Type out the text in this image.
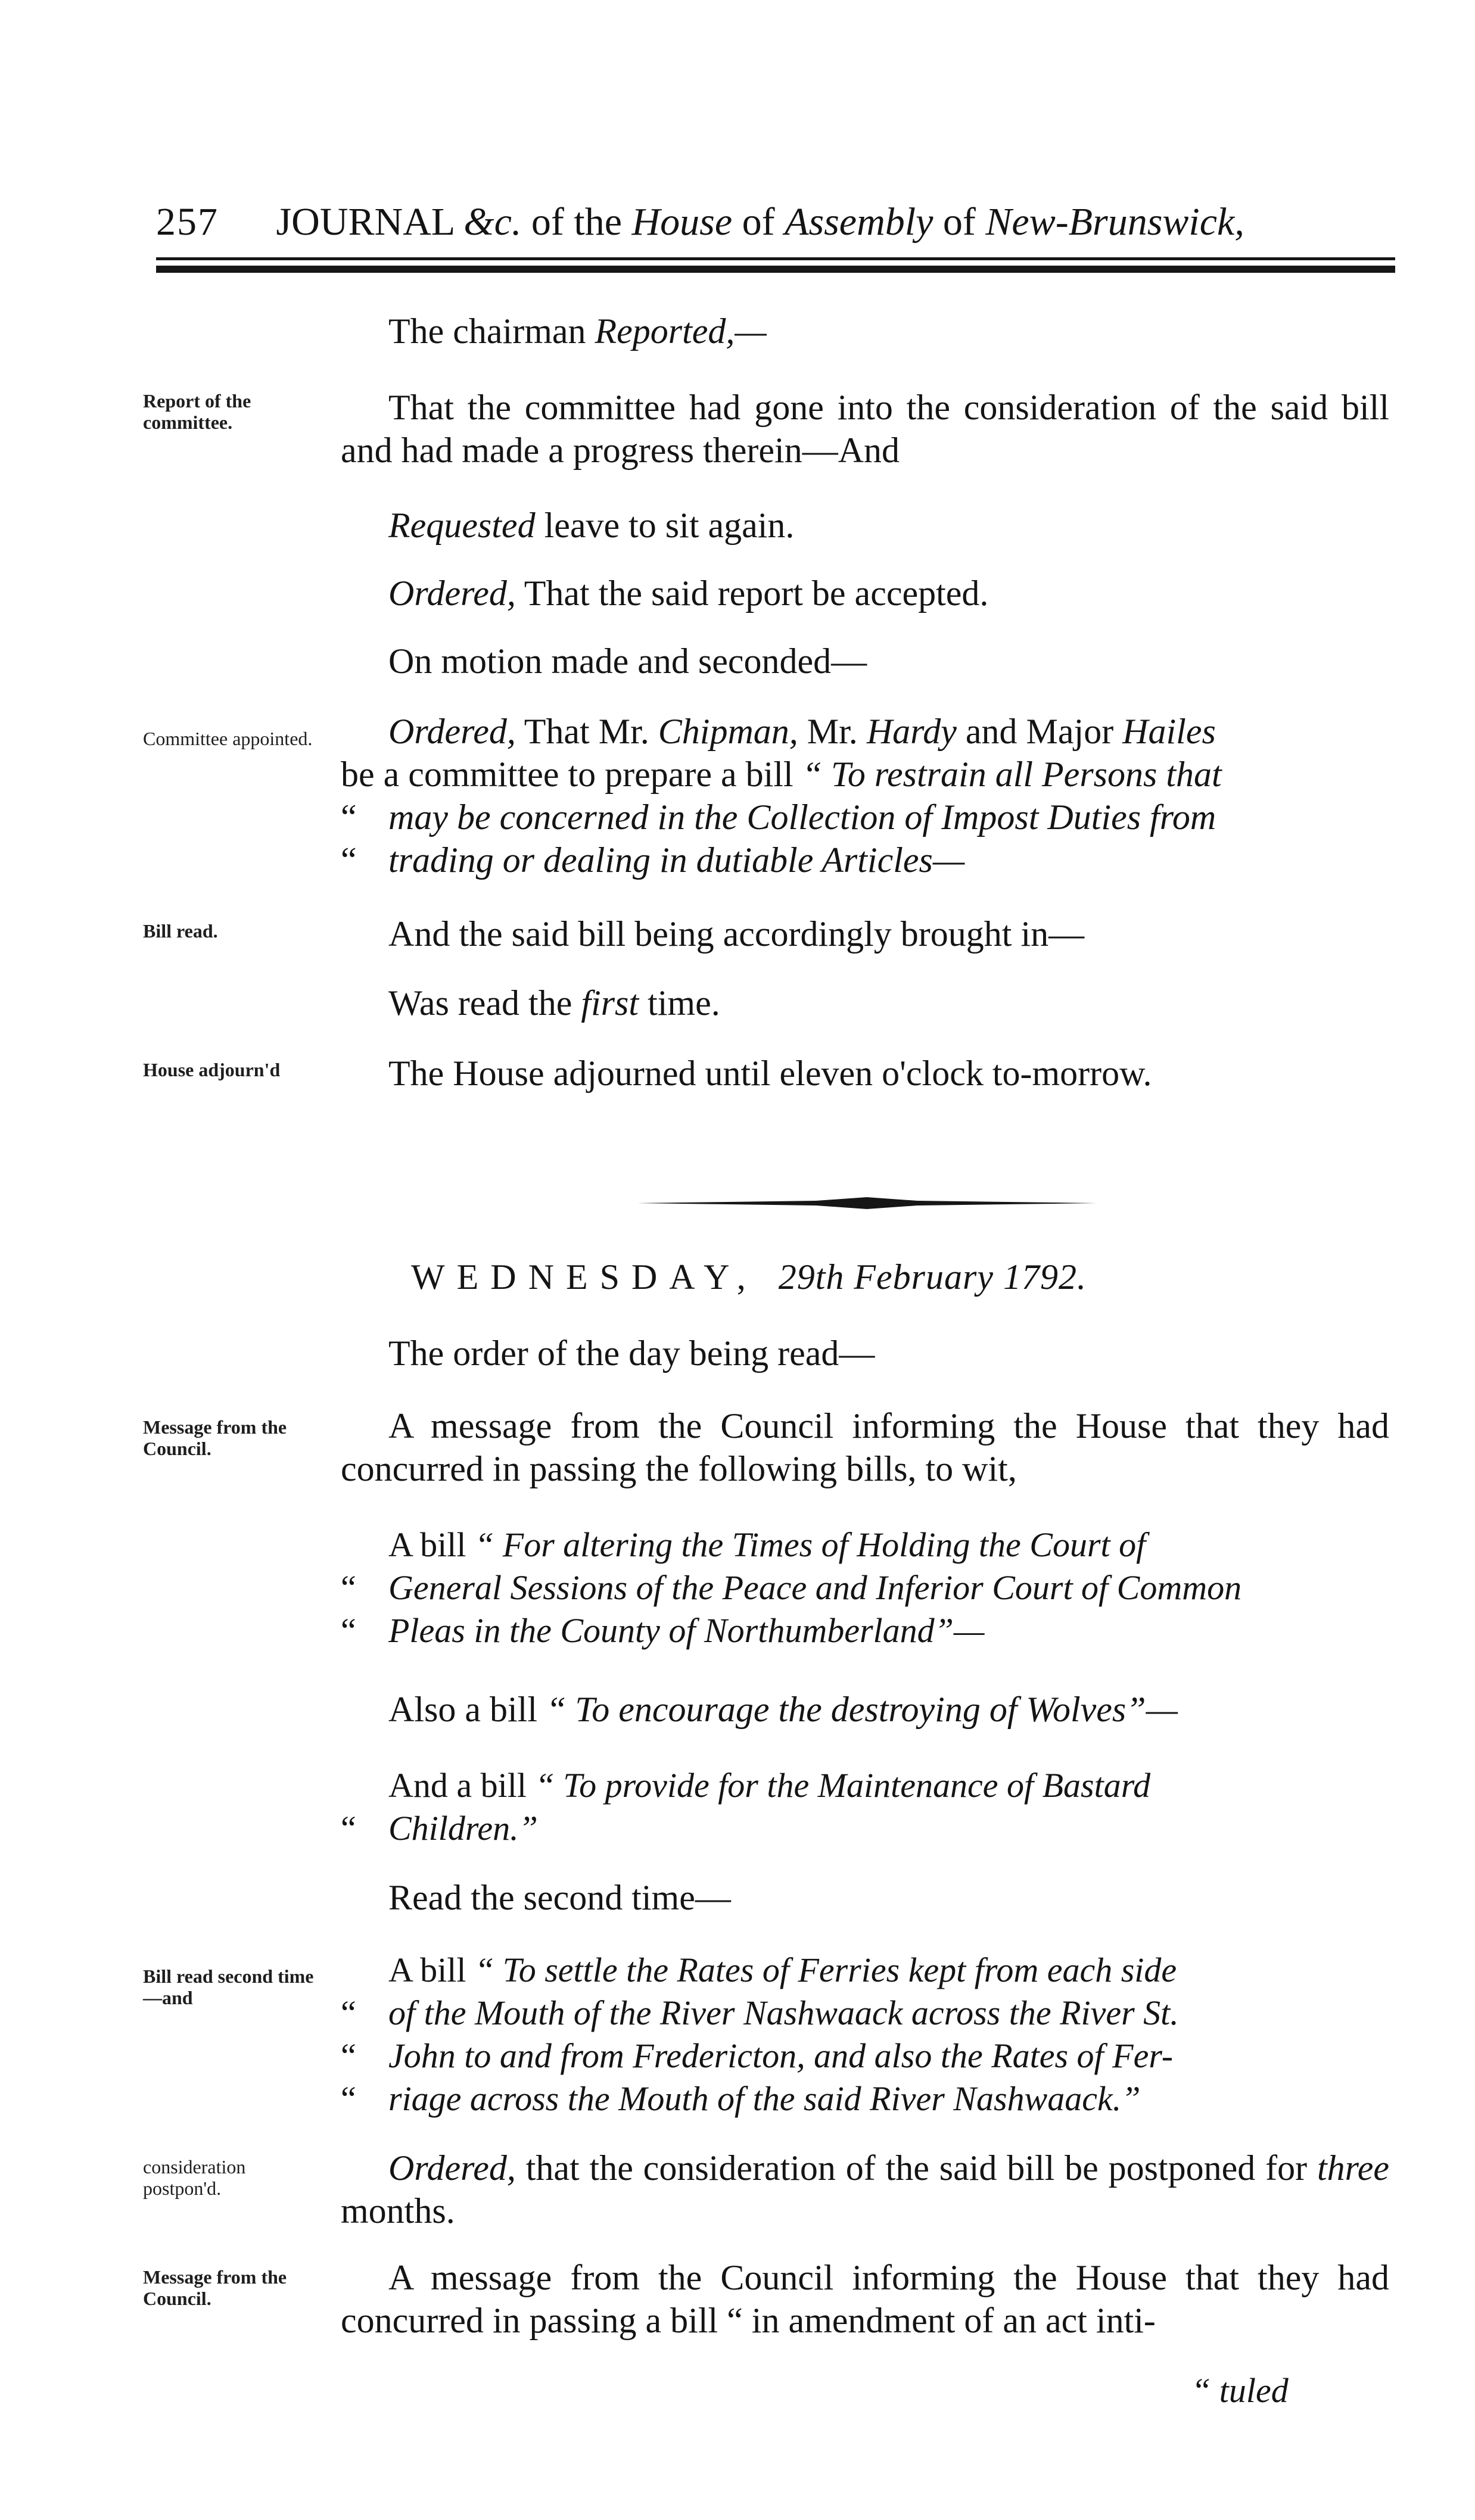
257 JOURNAL &c. of the House of Assembly of New-Brunswick,
The chairman Reported,—
Report of the committee.	That the committee had gone into the consideration of the said bill and had made a progress therein—And
Requested leave to sit again.
Ordered, That the said report be accepted.
On motion made and seconded—
Committee appointed.	Ordered, That Mr. Chipman, Mr. Hardy and Major Hailes
be a committee to prepare a bill “ To restrain all Persons that
“ may be concerned in the Collection of Impost Duties from
“ trading or dealing in dutiable Articles—
Bill read.	And the said bill being accordingly brought in—
Was read the first time.
House adjourn'd	The House adjourned until eleven o'clock to-morrow.
WEDNESDAY, 29th February 1792.
The order of the day being read—
Message from the Council.
A message from the Council informing the House that they had concurred in passing the following bills, to wit,
A bill “ For altering the Times of Holding the Court of
“ General Sessions of the Peace and Inferior Court of Common
“ Pleas in the County of Northumberland”—
Also a bill “ To encourage the destroying of Wolves”—
And a bill “ To provide for the Maintenance of Bastard
“ Children.”
Read the second time—
Bill read second time—and
A bill “ To settle the Rates of Ferries kept from each side
“ of the Mouth of the River Nashwaack across the River St.
“ John to and from Fredericton, and also the Rates of Fer-
“ riage across the Mouth of the said River Nashwaack.”
consideration postpon'd.
Ordered, that the consideration of the said bill be postponed for three months.
Message from the Council.
A message from the Council informing the House that they had concurred in passing a bill “ in amendment of an act inti-
“ tuled
